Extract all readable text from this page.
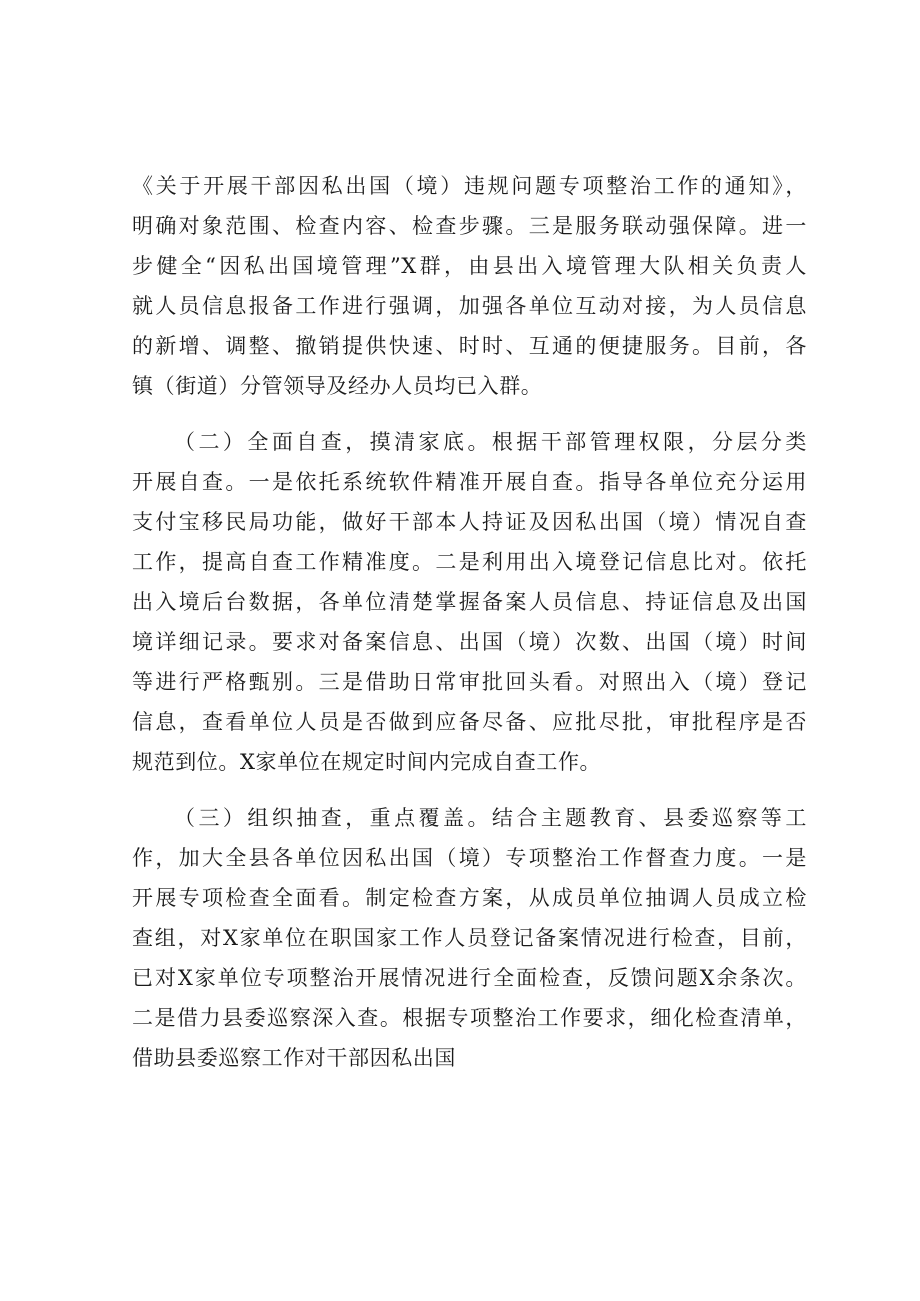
《关于开展干部因私出国（境）违规问题专项整治工作的通知》，
明确对象范围、检查内容、检查步骤。三是服务联动强保障。进一
步健全“因私出国境管理”X群，由县出入境管理大队相关负责人
就人员信息报备工作进行强调，加强各单位互动对接，为人员信息
的新增、调整、撤销提供快速、时时、互通的便捷服务。目前，各
镇（街道）分管领导及经办人员均已入群。
（二）全面自查，摸清家底。根据干部管理权限，分层分类
开展自查。一是依托系统软件精准开展自查。指导各单位充分运用
支付宝移民局功能，做好干部本人持证及因私出国（境）情况自查
工作，提高自查工作精准度。二是利用出入境登记信息比对。依托
出入境后台数据，各单位清楚掌握备案人员信息、持证信息及出国
境详细记录。要求对备案信息、出国（境）次数、出国（境）时间
等进行严格甄别。三是借助日常审批回头看。对照出入（境）登记
信息，查看单位人员是否做到应备尽备、应批尽批，审批程序是否
规范到位。X家单位在规定时间内完成自查工作。
（三）组织抽查，重点覆盖。结合主题教育、县委巡察等工
作，加大全县各单位因私出国（境）专项整治工作督查力度。一是
开展专项检查全面看。制定检查方案，从成员单位抽调人员成立检
查组，对X家单位在职国家工作人员登记备案情况进行检查，目前，
已对X家单位专项整治开展情况进行全面检查，反馈问题X余条次。
二是借力县委巡察深入查。根据专项整治工作要求，细化检查清单，
借助县委巡察工作对干部因私出国
